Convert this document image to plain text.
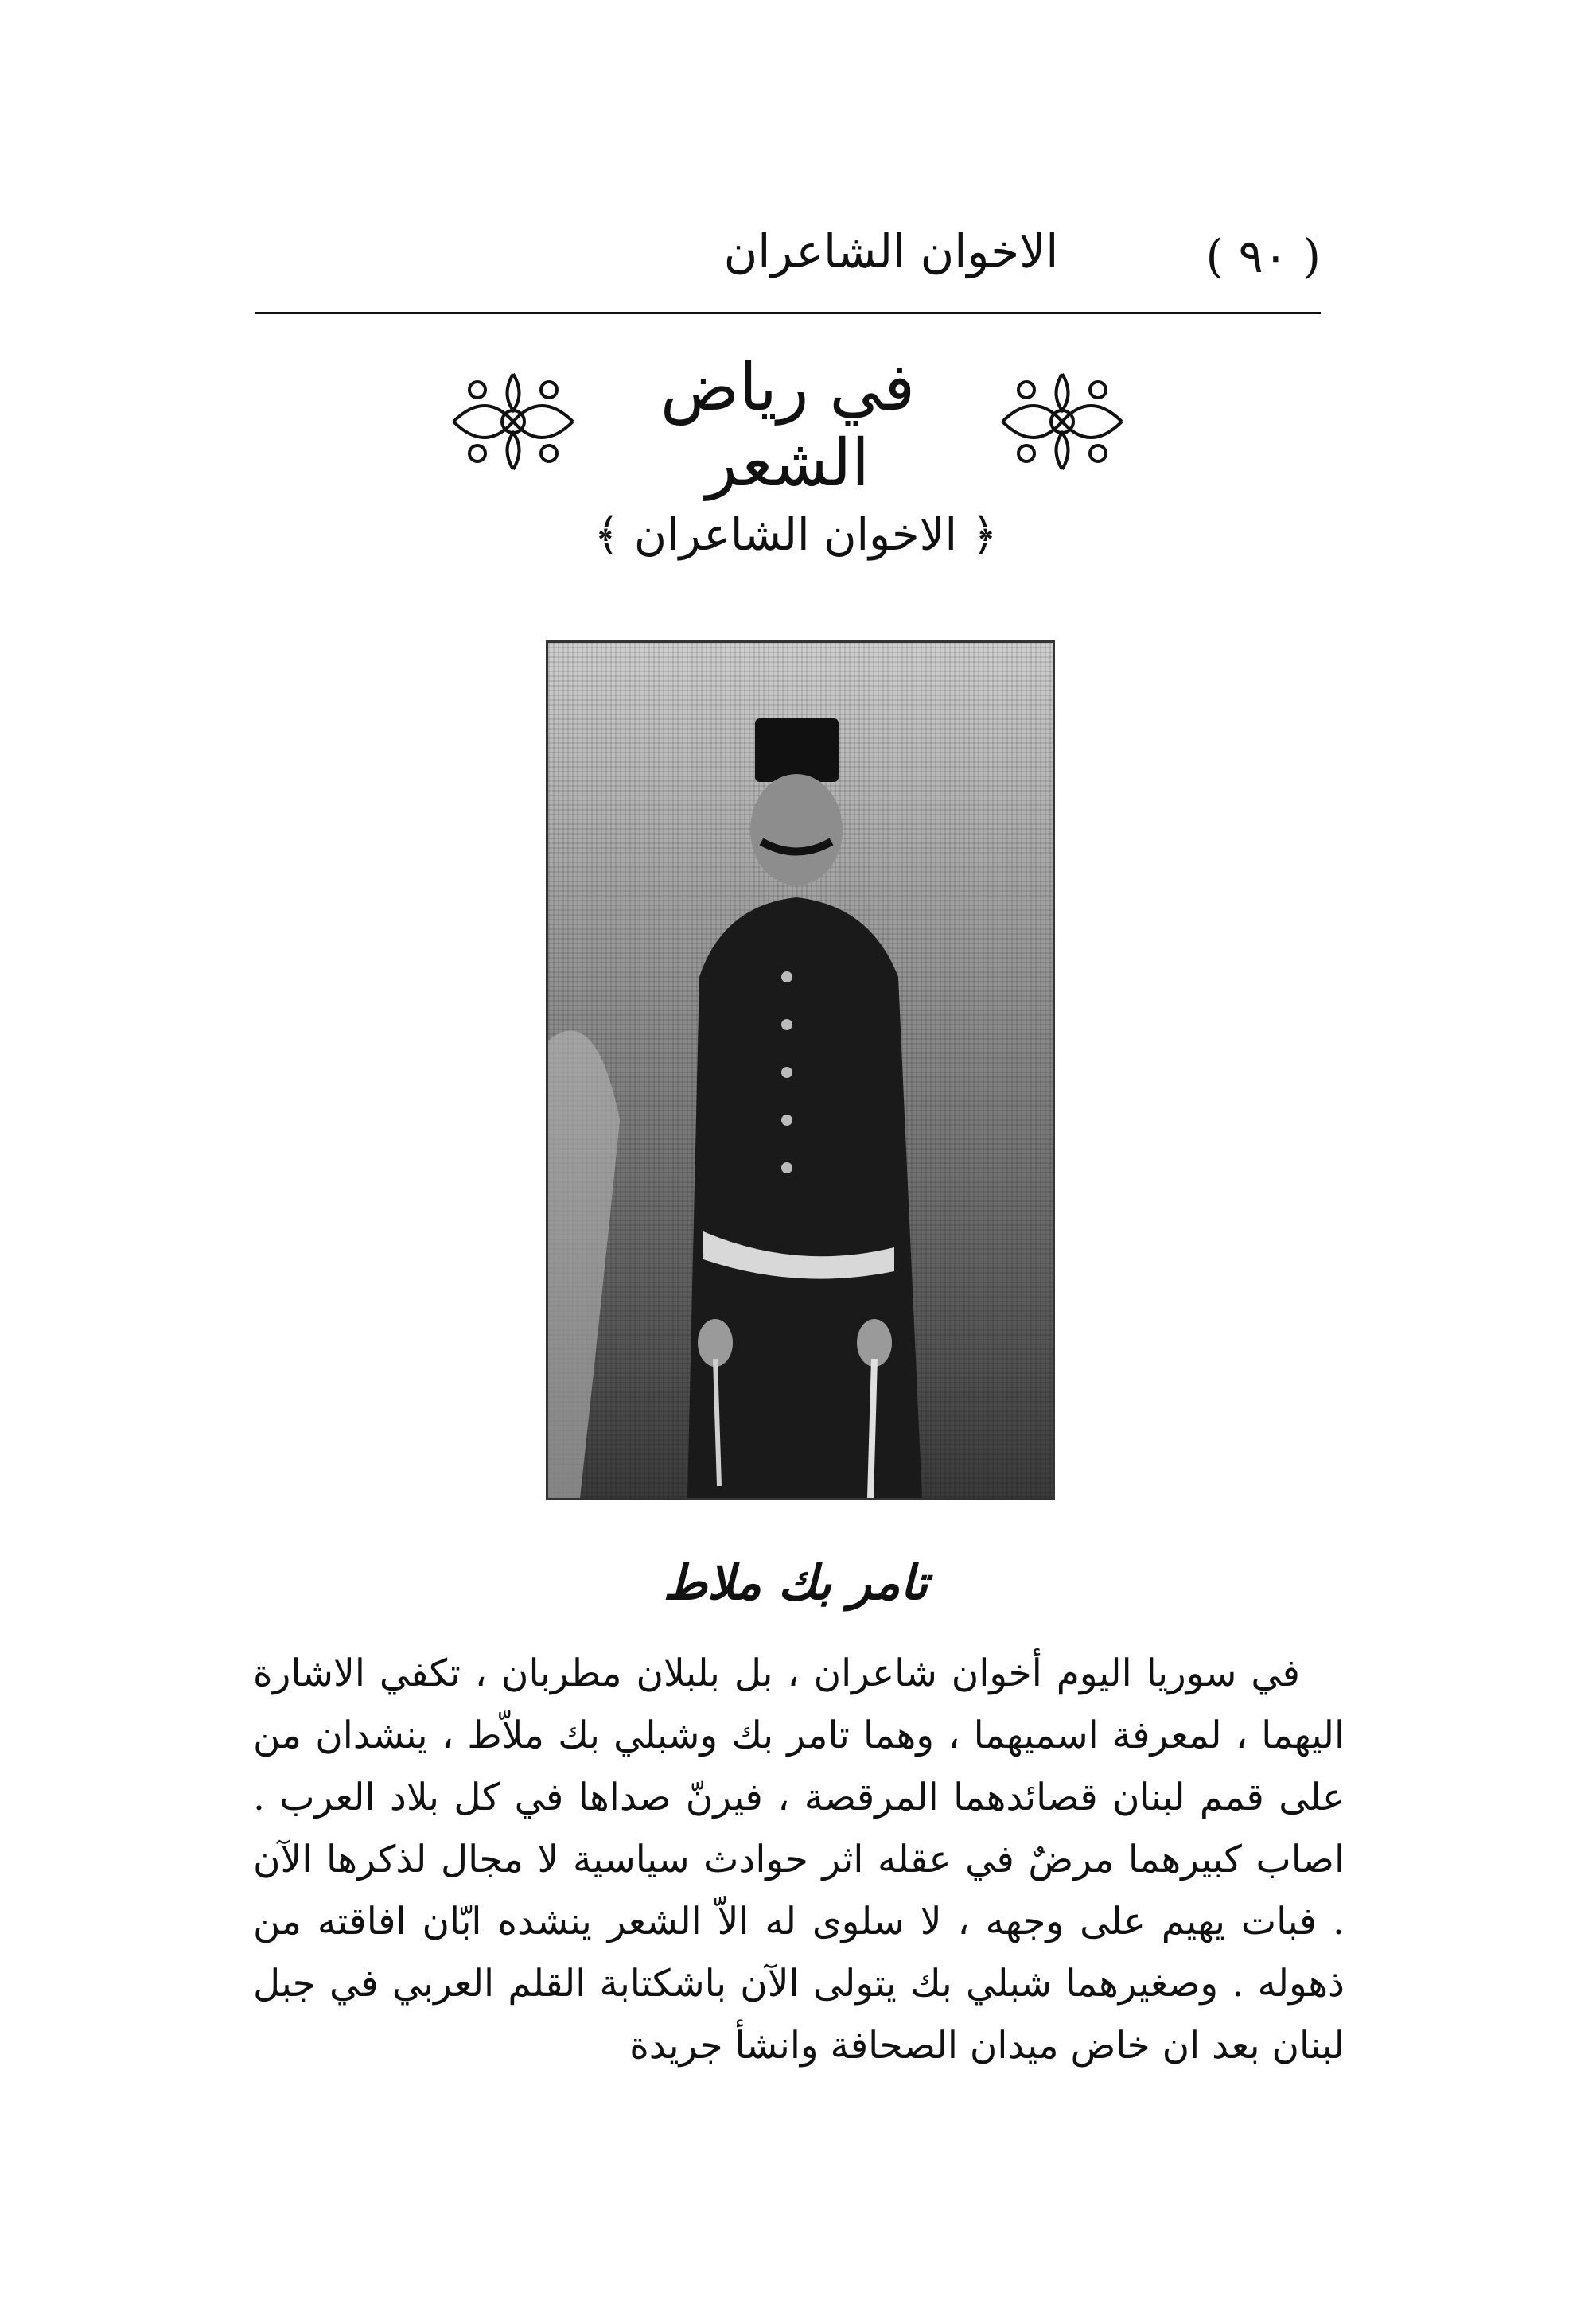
( ٩٠ )
الاخوان الشاعران
في رياض الشعر
﴿ الاخوان الشاعران ﴾
تامر بك ملاط

في سوريا اليوم أخوان شاعران ، بل بلبلان مطربان ، تكفي الاشارة اليهما ، لمعرفة اسميهما ، وهما تامر بك وشبلي بك ملاّط ، ينشدان من على قمم لبنان قصائدهما المرقصة ، فيرنّ صداها في كل بلاد العرب . اصاب كبيرهما مرضٌ في عقله اثر حوادث سياسية لا مجال لذكرها الآن . فبات يهيم على وجهه ، لا سلوى له الاّ الشعر ينشده ابّان افاقته من ذهوله . وصغيرهما شبلي بك يتولى الآن باشكتابة القلم العربي في جبل لبنان بعد ان خاض ميدان الصحافة وانشأ جريدة
